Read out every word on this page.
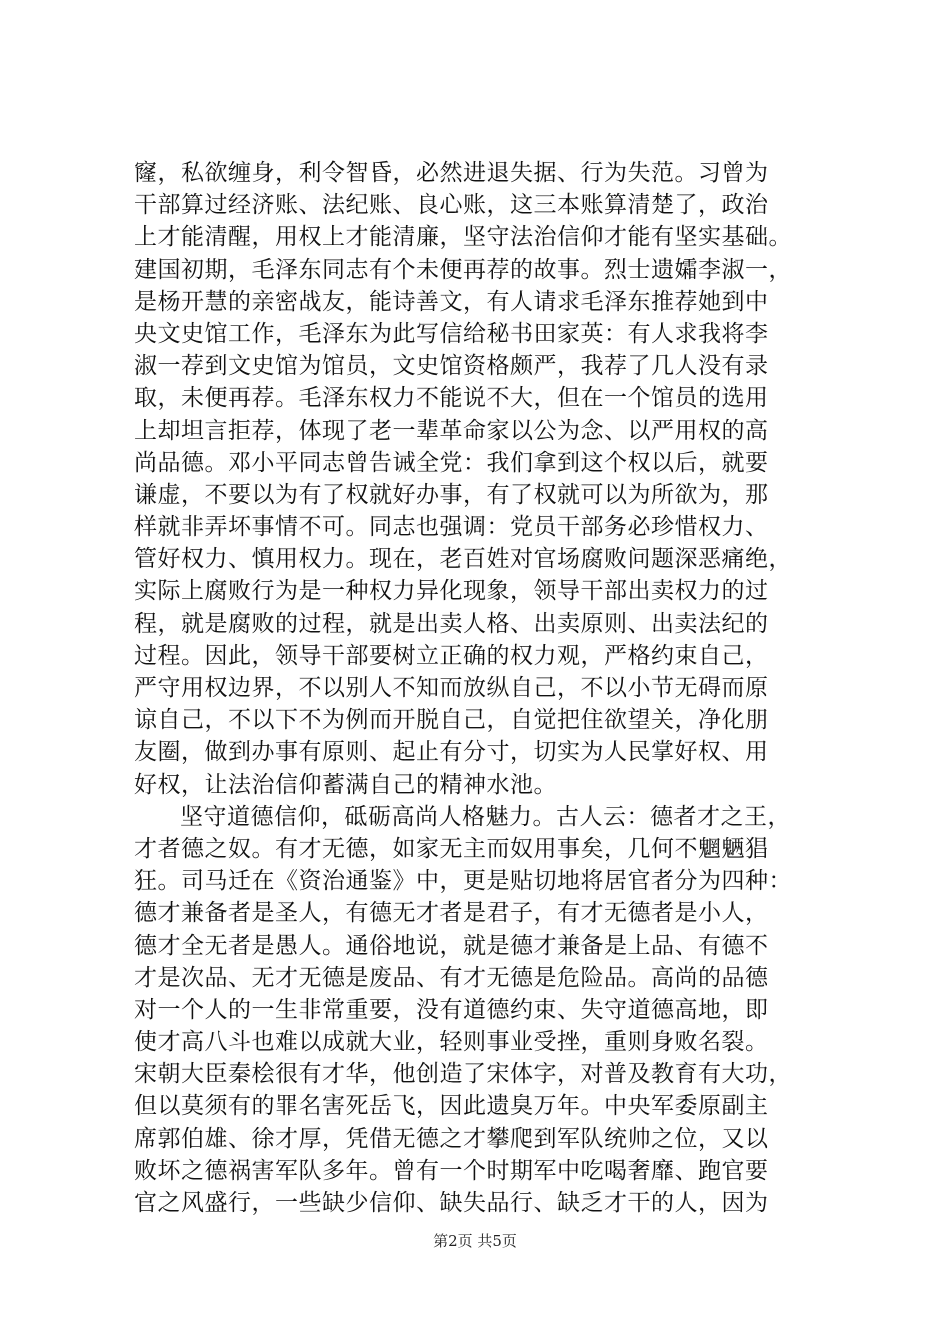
窿，私欲缠身，利令智昏，必然进退失据、行为失范。习曾为
干部算过经济账、法纪账、良心账，这三本账算清楚了，政治
上才能清醒，用权上才能清廉，坚守法治信仰才能有坚实基础。
建国初期，毛泽东同志有个未便再荐的故事。烈士遗孀李淑一，
是杨开慧的亲密战友，能诗善文，有人请求毛泽东推荐她到中
央文史馆工作，毛泽东为此写信给秘书田家英：有人求我将李
淑一荐到文史馆为馆员，文史馆资格颇严，我荐了几人没有录
取，未便再荐。毛泽东权力不能说不大，但在一个馆员的选用
上却坦言拒荐，体现了老一辈革命家以公为念、以严用权的高
尚品德。邓小平同志曾告诫全党：我们拿到这个权以后，就要
谦虚，不要以为有了权就好办事，有了权就可以为所欲为，那
样就非弄坏事情不可。同志也强调：党员干部务必珍惜权力、
管好权力、慎用权力。现在，老百姓对官场腐败问题深恶痛绝，
实际上腐败行为是一种权力异化现象，领导干部出卖权力的过
程，就是腐败的过程，就是出卖人格、出卖原则、出卖法纪的
过程。因此，领导干部要树立正确的权力观，严格约束自己，
严守用权边界，不以别人不知而放纵自己，不以小节无碍而原
谅自己，不以下不为例而开脱自己，自觉把住欲望关，净化朋
友圈，做到办事有原则、起止有分寸，切实为人民掌好权、用
好权，让法治信仰蓄满自己的精神水池。
坚守道德信仰，砥砺高尚人格魅力。古人云：德者才之王，
才者德之奴。有才无德，如家无主而奴用事矣，几何不魍魉猖
狂。司马迁在《资治通鉴》中，更是贴切地将居官者分为四种：
德才兼备者是圣人，有德无才者是君子，有才无德者是小人，
德才全无者是愚人。通俗地说，就是德才兼备是上品、有德不
才是次品、无才无德是废品、有才无德是危险品。高尚的品德
对一个人的一生非常重要，没有道德约束、失守道德高地，即
使才高八斗也难以成就大业，轻则事业受挫，重则身败名裂。
宋朝大臣秦桧很有才华，他创造了宋体字，对普及教育有大功，
但以莫须有的罪名害死岳飞，因此遗臭万年。中央军委原副主
席郭伯雄、徐才厚，凭借无德之才攀爬到军队统帅之位，又以
败坏之德祸害军队多年。曾有一个时期军中吃喝奢靡、跑官要
官之风盛行，一些缺少信仰、缺失品行、缺乏才干的人，因为
第2页 共5页
